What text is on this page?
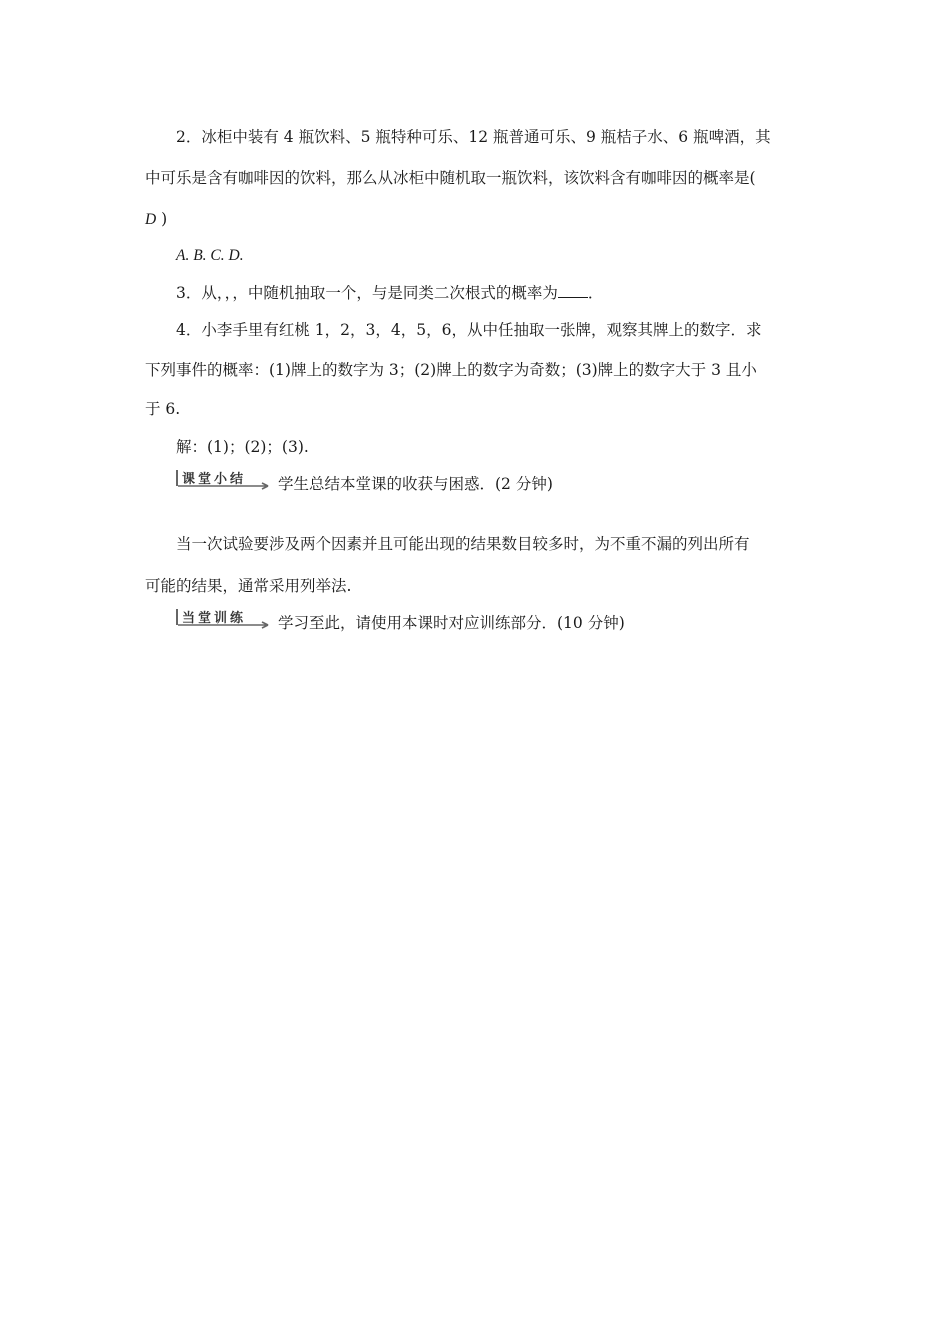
2．冰柜中装有 4 瓶饮料、5 瓶特种可乐、12 瓶普通可乐、9 瓶桔子水、6 瓶啤酒，其
中可乐是含有咖啡因的饮料，那么从冰柜中随机取一瓶饮料，该饮料含有咖啡因的概率是(
D )
A. B. C. D.
3．从，，，中随机抽取一个，与是同类二次根式的概率为 ．
4．小李手里有红桃 1，2，3，4，5，6，从中任抽取一张牌，观察其牌上的数字．求
下列事件的概率：(1)牌上的数字为 3；(2)牌上的数字为奇数；(3)牌上的数字大于 3 且小
于 6.
解：(1)；(2)；(3).
课堂小结 学生总结本堂课的收获与困惑．(2 分钟)
当一次试验要涉及两个因素并且可能出现的结果数目较多时，为不重不漏的列出所有
可能的结果，通常采用列举法.
当堂训练 学习至此，请使用本课时对应训练部分．(10 分钟)
